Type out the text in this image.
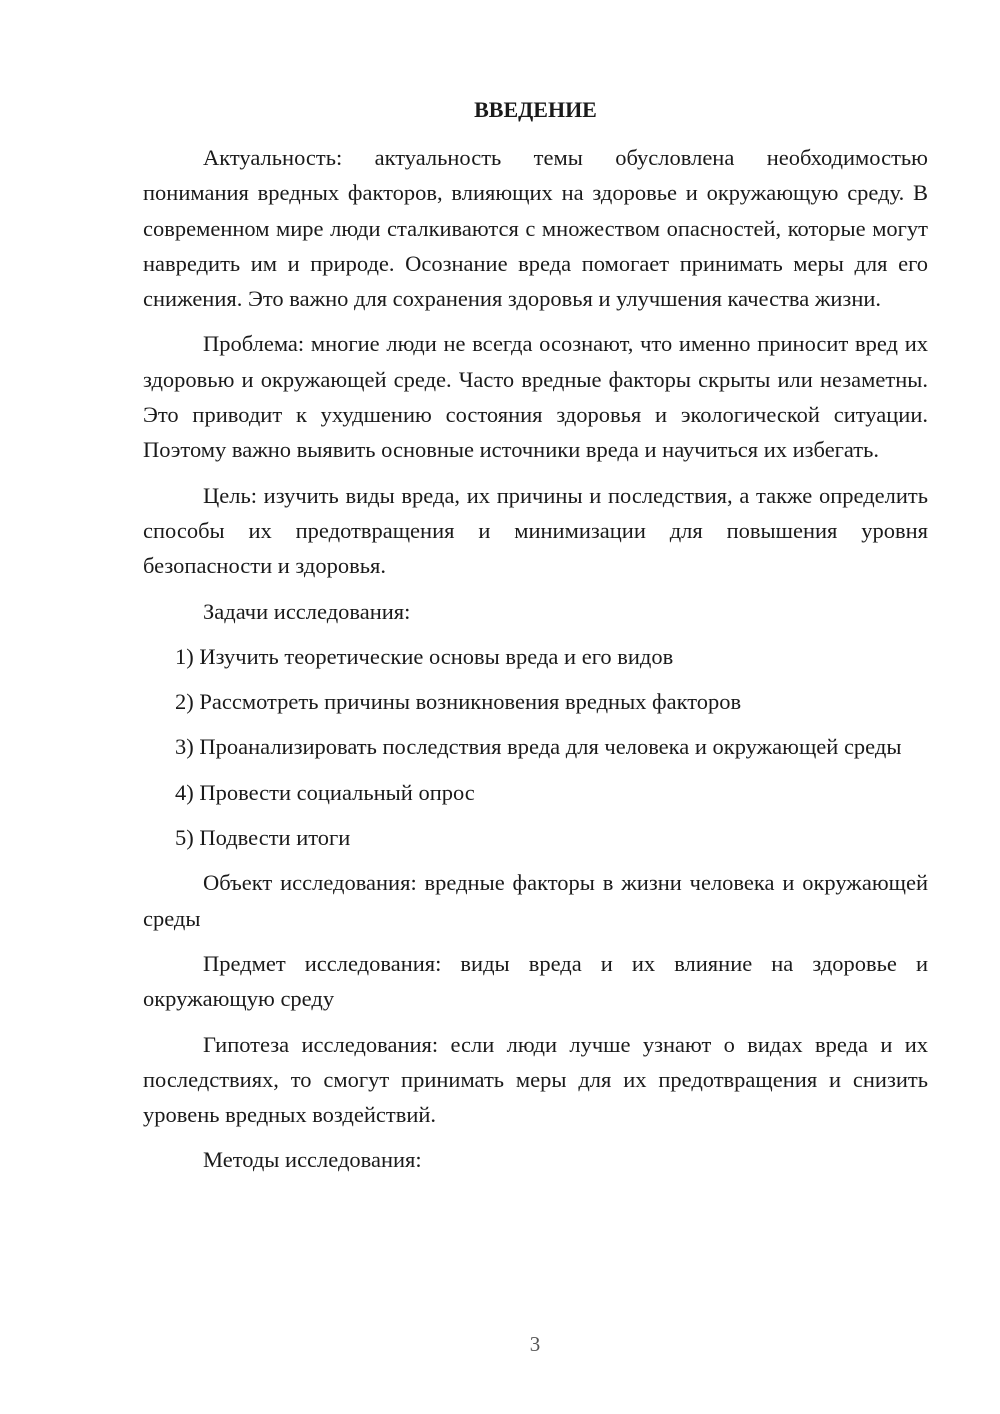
ВВЕДЕНИЕ

Актуальность: актуальность темы обусловлена необходимостью понимания вредных факторов, влияющих на здоровье и окружающую среду. В современном мире люди сталкиваются с множеством опасностей, которые могут навредить им и природе. Осознание вреда помогает принимать меры для его снижения. Это важно для сохранения здоровья и улучшения качества жизни.

Проблема: многие люди не всегда осознают, что именно приносит вред их здоровью и окружающей среде. Часто вредные факторы скрыты или незаметны. Это приводит к ухудшению состояния здоровья и экологической ситуации. Поэтому важно выявить основные источники вреда и научиться их избегать.

Цель: изучить виды вреда, их причины и последствия, а также определить способы их предотвращения и минимизации для повышения уровня безопасности и здоровья.

Задачи исследования:

1) Изучить теоретические основы вреда и его видов

2) Рассмотреть причины возникновения вредных факторов

3) Проанализировать последствия вреда для человека и окружающей среды

4) Провести социальный опрос

5) Подвести итоги

Объект исследования: вредные факторы в жизни человека и окружающей среды

Предмет исследования: виды вреда и их влияние на здоровье и окружающую среду

Гипотеза исследования: если люди лучше узнают о видах вреда и их последствиях, то смогут принимать меры для их предотвращения и снизить уровень вредных воздействий.

Методы исследования:

3
